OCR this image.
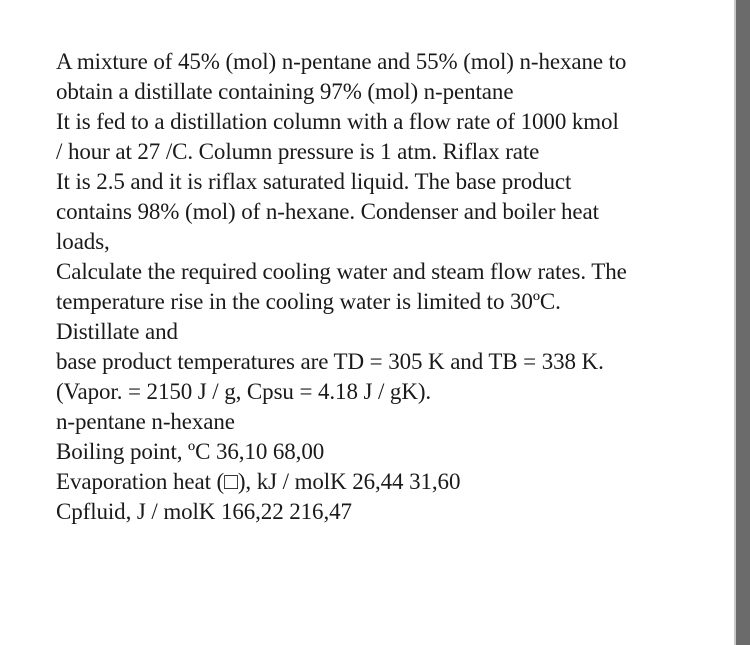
A mixture of 45% (mol) n-pentane and 55% (mol) n-hexane to
obtain a distillate containing 97% (mol) n-pentane
It is fed to a distillation column with a flow rate of 1000 kmol
/ hour at 27 /C. Column pressure is 1 atm. Riflax rate
It is 2.5 and it is riflax saturated liquid. The base product
contains 98% (mol) of n-hexane. Condenser and boiler heat
loads,
Calculate the required cooling water and steam flow rates. The
temperature rise in the cooling water is limited to 30ºC.
Distillate and
base product temperatures are TD = 305 K and TB = 338 K.
(Vapor. = 2150 J / g, Cpsu = 4.18 J / gK).
n-pentane n-hexane
Boiling point, ºC 36,10 68,00
Evaporation heat (□), kJ / molK 26,44 31,60
Cpfluid, J / molK 166,22 216,47
